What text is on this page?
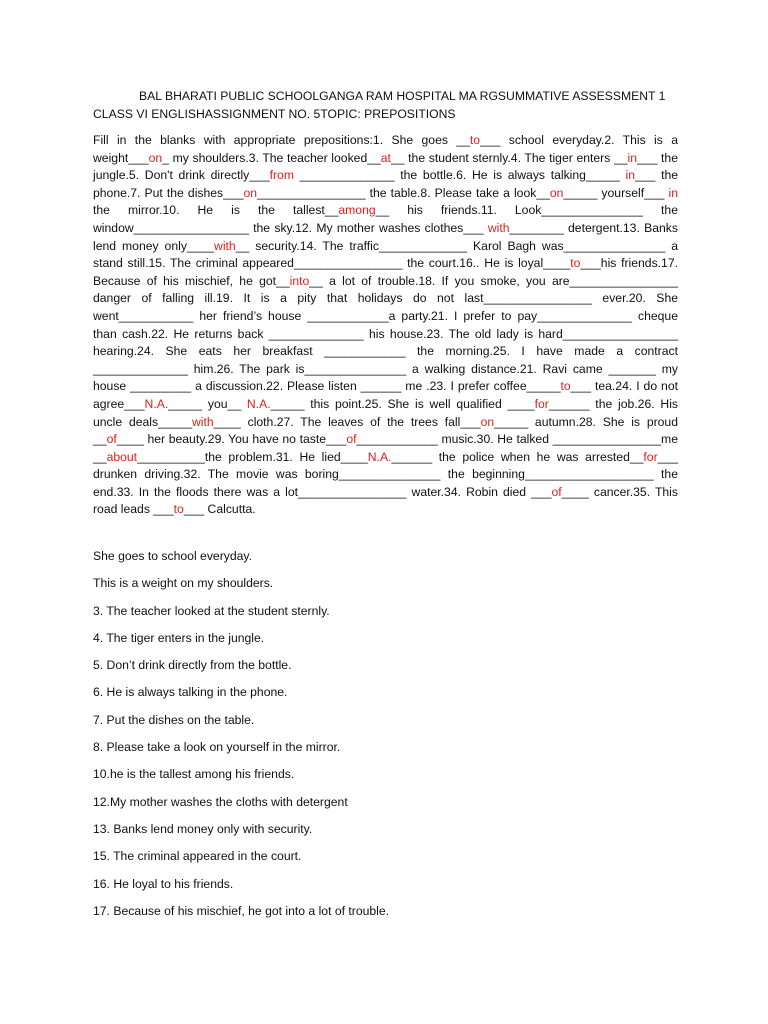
BAL BHARATI PUBLIC SCHOOLGANGA RAM HOSPITAL MA RGSUMMATIVE ASSESSMENT 1
CLASS VI ENGLISHASSIGNMENT NO. 5TOPIC: PREPOSITIONS
Fill in the blanks with appropriate prepositions:1. She goes __to___ school everyday.2. This is a weight___on_ my shoulders.3. The teacher looked__at__ the student sternly.4. The tiger enters __in___ the jungle.5. Don't drink directly___from ______________ the bottle.6. He is always talking_____ in___ the phone.7. Put the dishes___on________________ the table.8. Please take a look__on_____ yourself___ in the mirror.10. He is the tallest__among__ his friends.11. Look_______________ the window_________________ the sky.12. My mother washes clothes___ with________ detergent.13. Banks lend money only____with__ security.14. The traffic_____________ Karol Bagh was_______________ a stand still.15. The criminal appeared________________ the court.16.. He is loyal____to___his friends.17. Because of his mischief, he got__into__ a lot of trouble.18. If you smoke, you are________________ danger of falling ill.19. It is a pity that holidays do not last________________ ever.20. She went___________ her friend’s house ____________a party.21. I prefer to pay______________ cheque than cash.22. He returns back ______________ his house.23. The old lady is hard_________________ hearing.24. She eats her breakfast ____________ the morning.25. I have made a contract ______________ him.26. The park is_______________ a walking distance.21. Ravi came _______ my house _________ a discussion.22. Please listen ______ me .23. I prefer coffee_____to___ tea.24. I do not agree___N.A._____ you__ N.A._____ this point.25. She is well qualified ____for______ the job.26. His uncle deals_____with____ cloth.27. The leaves of the trees fall___on_____ autumn.28. She is proud __of____ her beauty.29. You have no taste___of____________ music.30. He talked ________________me __about__________the problem.31. He lied____N.A.______ the police when he was arrested__for___ drunken driving.32. The movie was boring_______________ the beginning___________________ the end.33. In the floods there was a lot________________ water.34. Robin died ___of____ cancer.35. This road leads ___to___ Calcutta.
She goes to school everyday.
This is a weight on my shoulders.
3. The teacher looked at the student sternly.
4. The tiger enters in the jungle.
5. Don’t drink directly from the bottle.
6. He is always talking in the phone.
7. Put the dishes on the table.
8. Please take a look on yourself in the mirror.
10.he is the tallest among his friends.
12.My mother washes the cloths with detergent
13. Banks lend money only with security.
15. The criminal appeared in the court.
16. He loyal to his friends.
17. Because of his mischief, he got into a lot of trouble.
